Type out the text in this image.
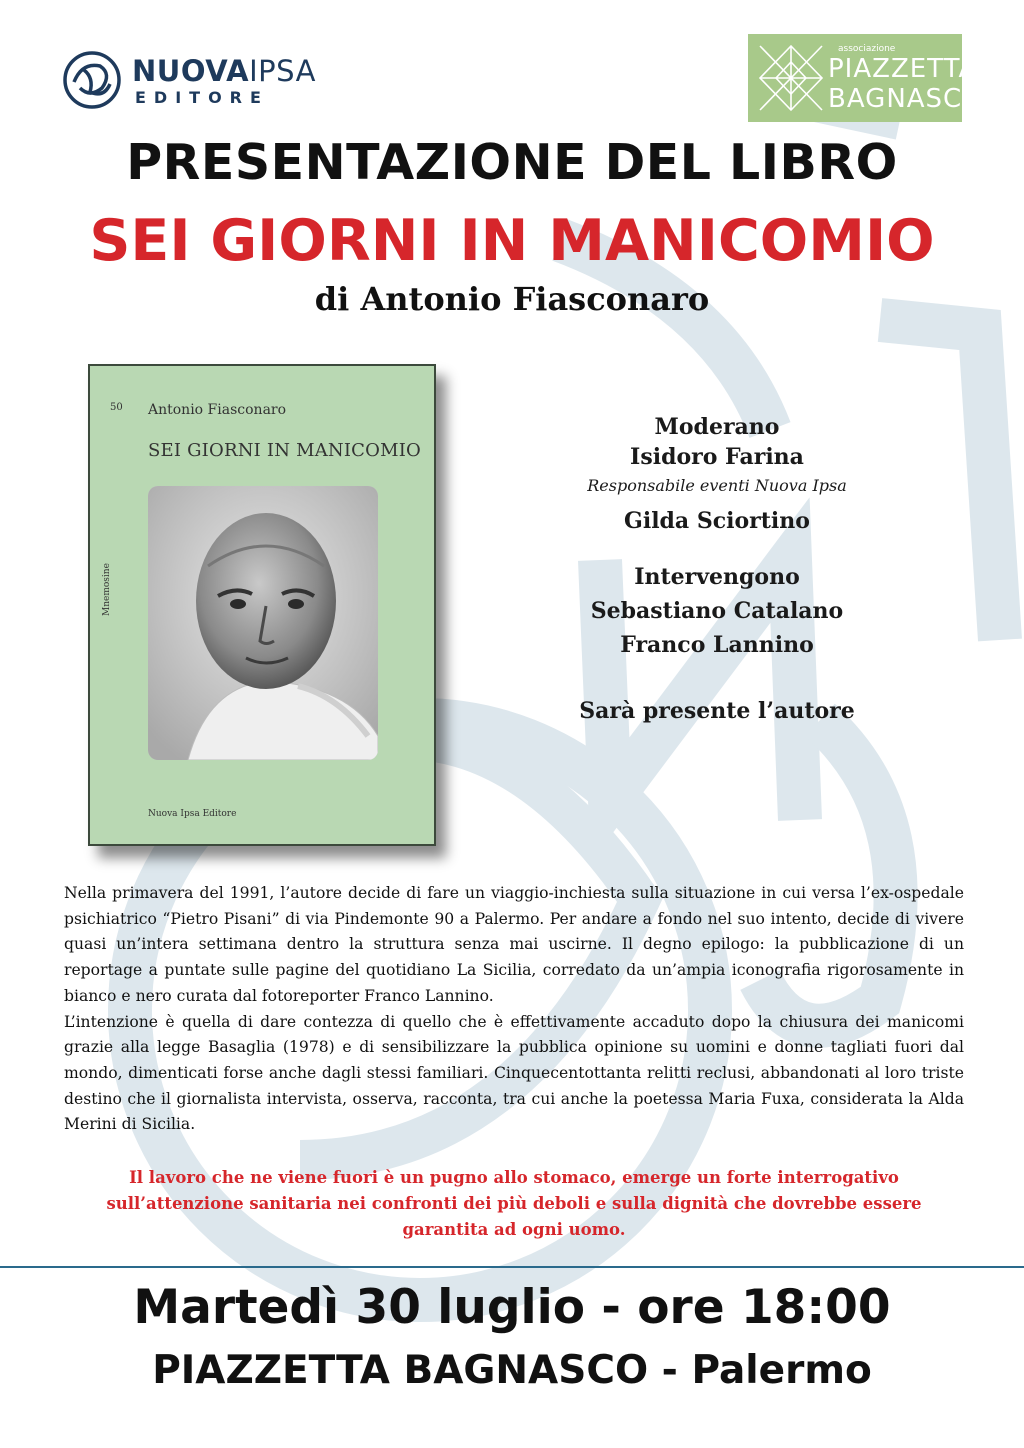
NUOVAIPSA
EDITORE
associazione
PIAZZETTA
BAGNASCO
PRESENTAZIONE DEL LIBRO
SEI GIORNI IN MANICOMIO
di Antonio Fiasconaro
50 Antonio Fiasconaro
SEI GIORNI IN MANICOMIO
Mnemosine
Nuova Ipsa Editore
Moderano
Isidoro Farina
Responsabile eventi Nuova Ipsa
Gilda Sciortino
Intervengono
Sebastiano Catalano
Franco Lannino
Sarà presente l’autore

Nella primavera del 1991, l’autore decide di fare un viaggio-inchiesta sulla situazione in cui versa l’ex-ospedale psichiatrico “Pietro Pisani” di via Pindemonte 90 a Palermo. Per andare a fondo nel suo intento, decide di vivere quasi un’intera settimana dentro la struttura senza mai uscirne. Il degno epilogo: la pubblicazione di un reportage a puntate sulle pagine del quotidiano La Sicilia, corredato da un’ampia iconografia rigorosamente in bianco e nero curata dal fotoreporter Franco Lannino.

L’intenzione è quella di dare contezza di quello che è effettivamente accaduto dopo la chiusura dei manicomi grazie alla legge Basaglia (1978) e di sensibilizzare la pubblica opinione su uomini e donne tagliati fuori dal mondo, dimenticati forse anche dagli stessi familiari. Cinquecentottanta relitti reclusi, abbandonati al loro triste destino che il giornalista intervista, osserva, racconta, tra cui anche la poetessa Maria Fuxa, considerata la Alda Merini di Sicilia.

Il lavoro che ne viene fuori è un pugno allo stomaco, emerge un forte interrogativo sull’attenzione sanitaria nei confronti dei più deboli e sulla dignità che dovrebbe essere garantita ad ogni uomo.
Martedì 30 luglio - ore 18:00
PIAZZETTA BAGNASCO - Palermo
